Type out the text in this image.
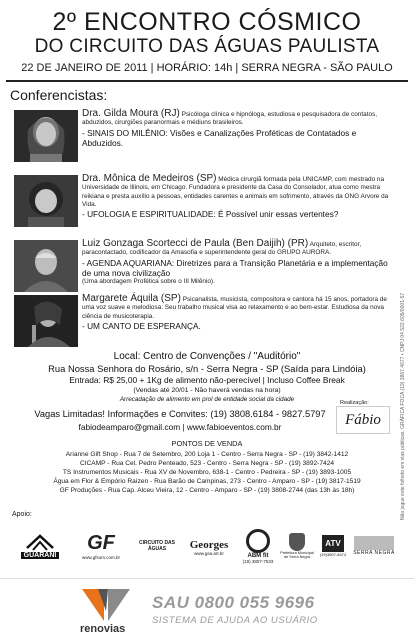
Não jogue este folheto em vias públicas. GRÁFICA FOCA (19) 3867.4677 • CNPJ 04.522.605/0001-57
2º ENCONTRO CÓSMICO
DO CIRCUITO DAS ÁGUAS PAULISTA
22 DE JANEIRO DE 2011 | HORÁRIO: 14h | SERRA NEGRA - SÃO PAULO
Conferencistas:
Dra. Gilda Moura (RJ) Psicóloga clínica e hipnóloga, estudiosa e pesquisadora de contatos, abduzidos, cirurgiões paranormais e médiuns brasileiros.
- SINAIS DO MILÊNIO: Visões e Canalizações Proféticas de Contatados e Abduzidos.
Dra. Mônica de Medeiros (SP) Médica cirurgiã formada pela UNICAMP, com mestrado na Universidade de Illinois, em Chicago. Fundadora e presidente da Casa do Consolador, atua como mestra reikiana e presta auxílio a pessoas, entidades carentes e animais em sofrimento, através da ONG Arvore da Vida.
- UFOLOGIA E ESPIRITUALIDADE: É Possível unir essas vertentes?
Luiz Gonzaga Scortecci de Paula (Ben Daijih) (PR) Arquiteto, escritor, paracontactado, codificador da Amasofia e superintendente geral do GRUPO AURORA.
- AGENDA AQUARIANA: Diretrizes para a Transição Planetária e a implementação de uma nova civilização
(Uma abordagem Profética sobre o III Milênio).
Margarete Áquila (SP) Psicanalista, musicista, compositora e cantora há 15 anos, portadora de uma voz suave e melodiosa. Seu trabalho musical visa ao relaxamento e ao bem-estar. Estudiosa da nova ciência de musicoterapia.
- UM CANTO DE ESPERANÇA.
Local: Centro de Convenções / "Auditório"
Rua Nossa Senhora do Rosário, s/n - Serra Negra - SP (Saída para Lindóia)
Entrada: R$ 25,00 + 1Kg de alimento não-perecível | Incluso Coffee Break
(Vendas até 20/01 - Não haverá vendas na hora)
Arrecadação de alimento em prol de entidade social da cidade
Vagas Limitadas! Informações e Convites: (19) 3808.6184 - 9827.5797
fabiodeamparo@gmail.com | www.fabioeventos.com.br
Realização:
Fábio
PONTOS DE VENDA
Arianne Gift Shop - Rua 7 de Setembro, 200 Loja 1 - Centro - Serra Negra - SP - (19) 3842-1412
CICAMP - Rua Cel. Pedro Penteado, 523 - Centro - Serra Negra - SP - (19) 3892-7424
TS Instrumentos Musicais - Rua XV de Novembro, 638-1 - Centro - Pedreira - SP - (19) 3893-1005
Água em Flor & Empório Raízen - Rua Barão de Campinas, 273 - Centro - Amparo - SP - (19) 3817-1519
GF Produções - Rua Cap. Alceu Vieira, 12 - Centro - Amparo - SP - (19) 3808-2744 (das 13h às 18h)
Apoio:
GUARANI
GF
www.gfsom.com.br
CIRCUITO DAS ÁGUAS	Georges
www.gsa.art.br	ABM fit
(19) 3807-7533
Prefeitura Municipal de Serra Negra
ATV
(19)3807-8474 SERRA NEGRA
renovias
SAU 0800 055 9696
SISTEMA DE AJUDA AO USUÁRIO
